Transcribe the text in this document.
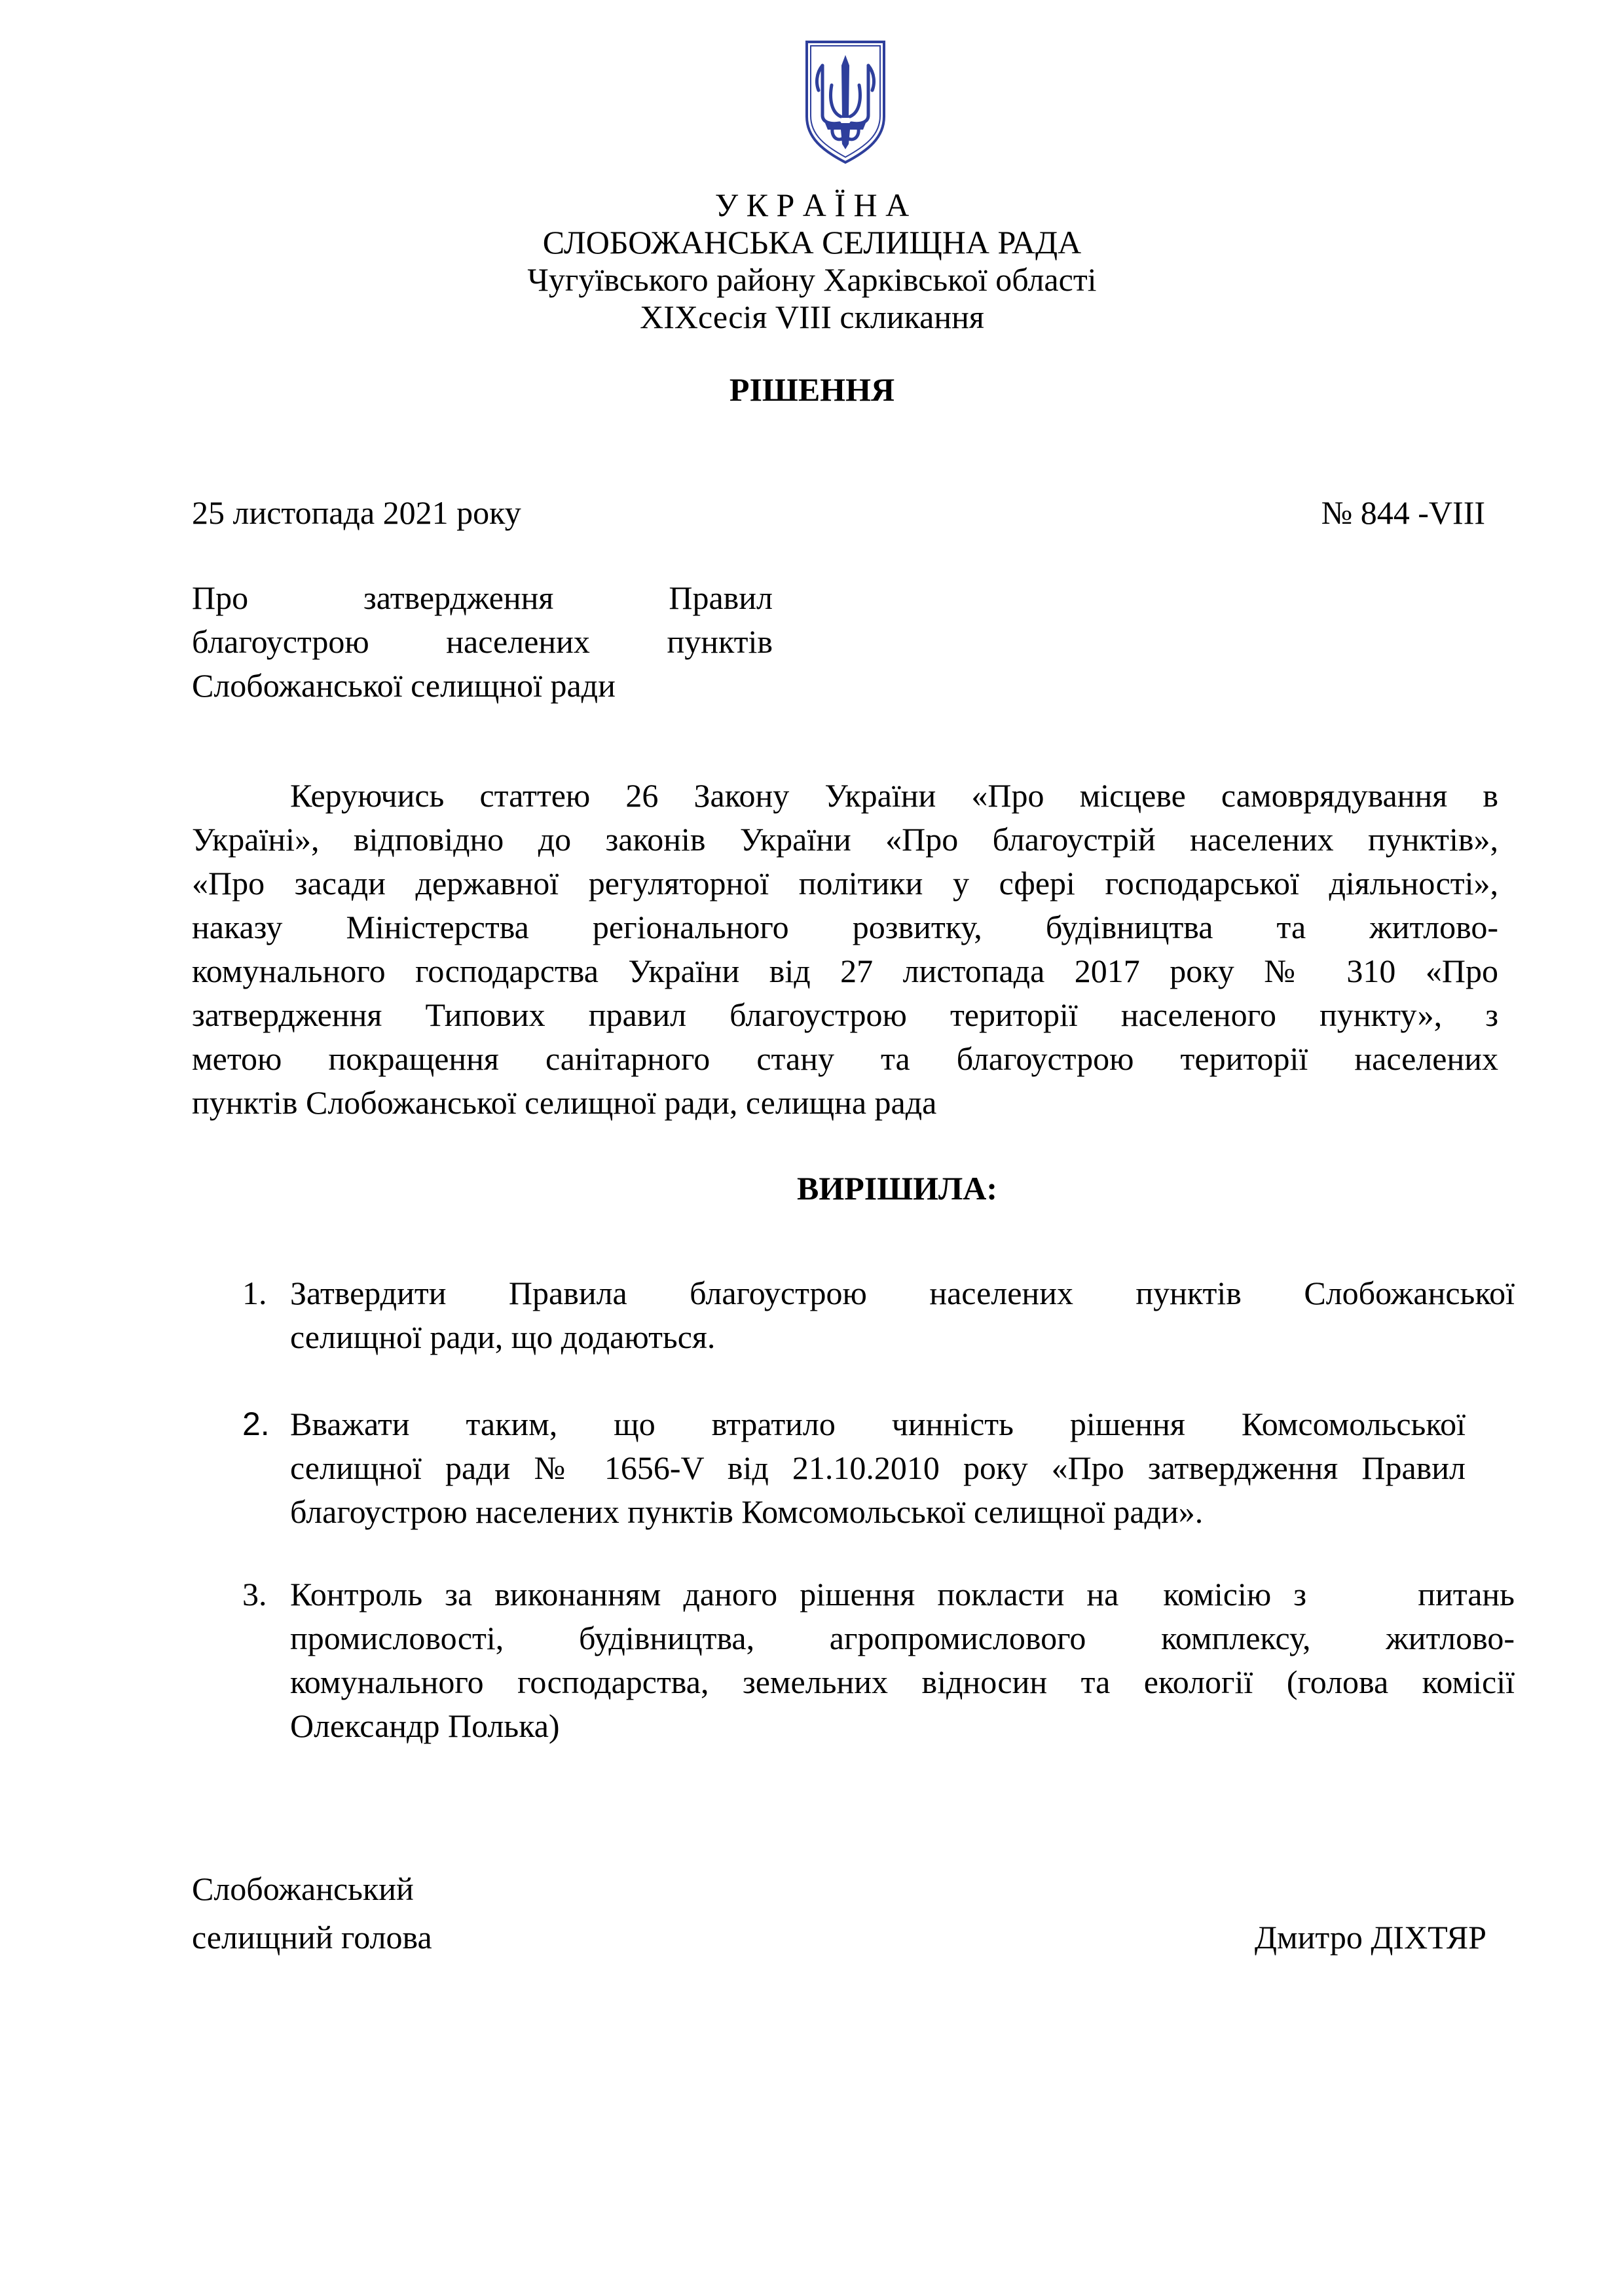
У К Р А Ї Н А
СЛОБОЖАНСЬКА СЕЛИЩНА РАДА
Чугуївського району Харківської області
XIXсесія VIII скликання
РІШЕННЯ
25 листопада 2021 року	№ 844 -VIII
Про	затвердження	Правил
благоустрою населених пунктів
Слобожанської селищної ради
Керуючись статтею 26 Закону України «Про місцеве самоврядування в
Україні», відповідно до законів України «Про благоустрій населених пунктів»,
«Про засади державної регуляторної політики у сфері господарської діяльності»,
наказу Міністерства регіонального розвитку, будівництва та житлово-
комунального господарства України від 27 листопада 2017 року № 310 «Про
затвердження Типових правил благоустрою території населеного пункту», з
метою покращення санітарного стану та благоустрою території населених
пунктів Слобожанської селищної ради, селищна рада
ВИРІШИЛА:
1. Затвердити Правила благоустрою населених пунктів Слобожанської
селищної ради, що додаються.
2. Вважати таким, що втратило чинність рішення Комсомольської
селищної ради № 1656-V від 21.10.2010 року «Про затвердження Правил
благоустрою населених пунктів Комсомольської селищної ради».
3. Контроль за виконанням даного рішення покласти на  комісію з     питань
промисловості, будівництва, агропромислового комплексу, житлово-
комунального господарства, земельних відносин та екології (голова комісії
Олександр Полька)
Слобожанський
селищний голова	Дмитро ДІХТЯР
